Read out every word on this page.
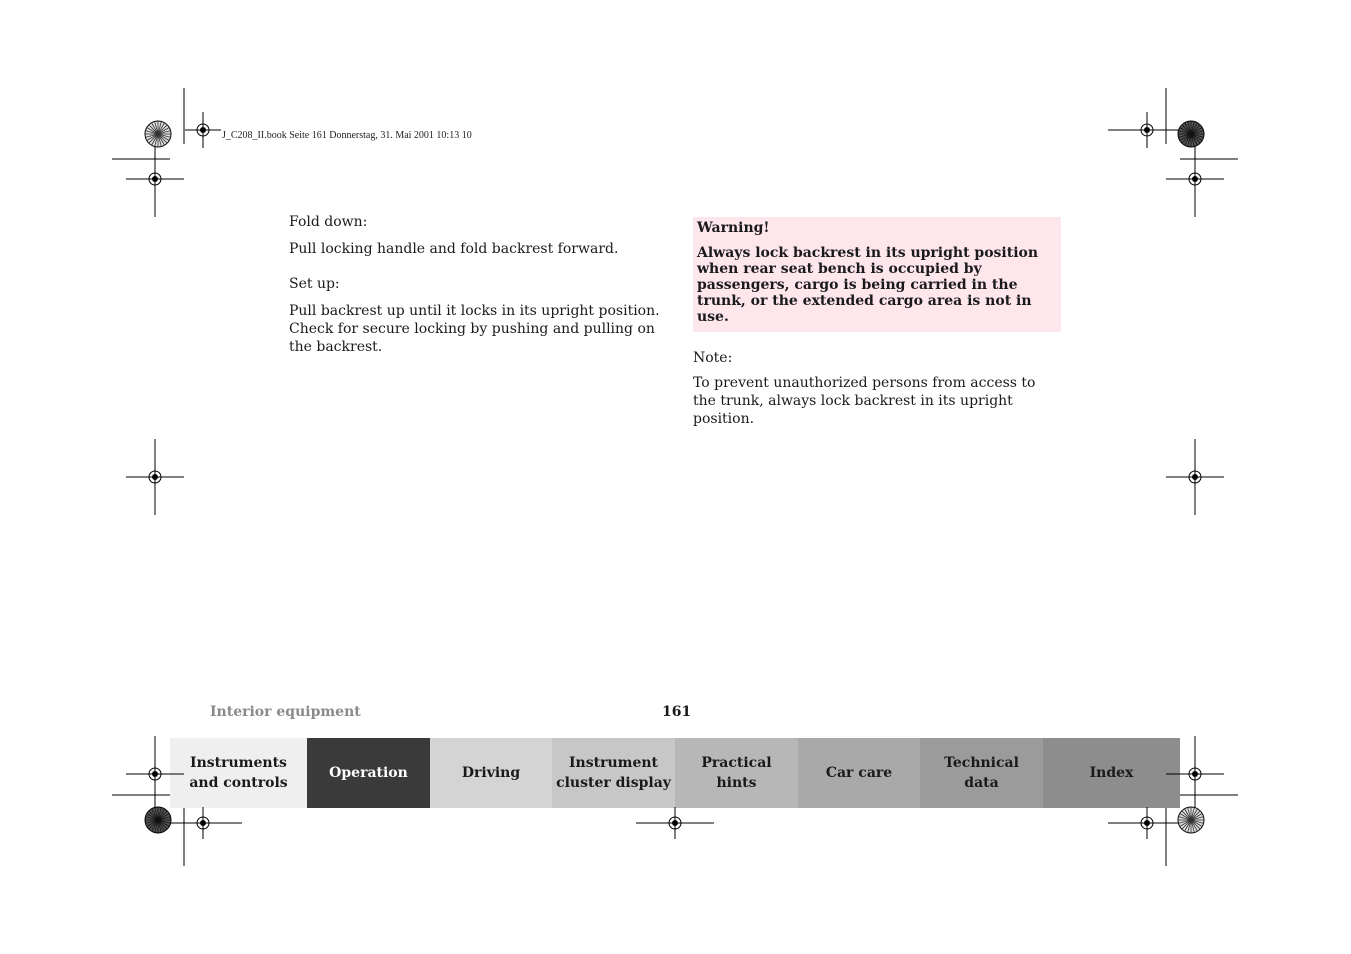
J_C208_II.book Seite 161 Donnerstag, 31. Mai 2001 10:13 10

Fold down:

Pull locking handle and fold backrest forward.

Set up:

Pull backrest up until it locks in its upright position. Check for secure locking by pushing and pulling on the backrest.

Warning!

Always lock backrest in its upright position when rear seat bench is occupied by passengers, cargo is being carried in the trunk, or the extended cargo area is not in use.

Note:

To prevent unauthorized persons from access to the trunk, always lock backrest in its upright position.

Interior equipment	161
Instruments
and controls
Operation	Driving
Instrument
cluster display
Practical hints
Car care
Technical
data
Index
